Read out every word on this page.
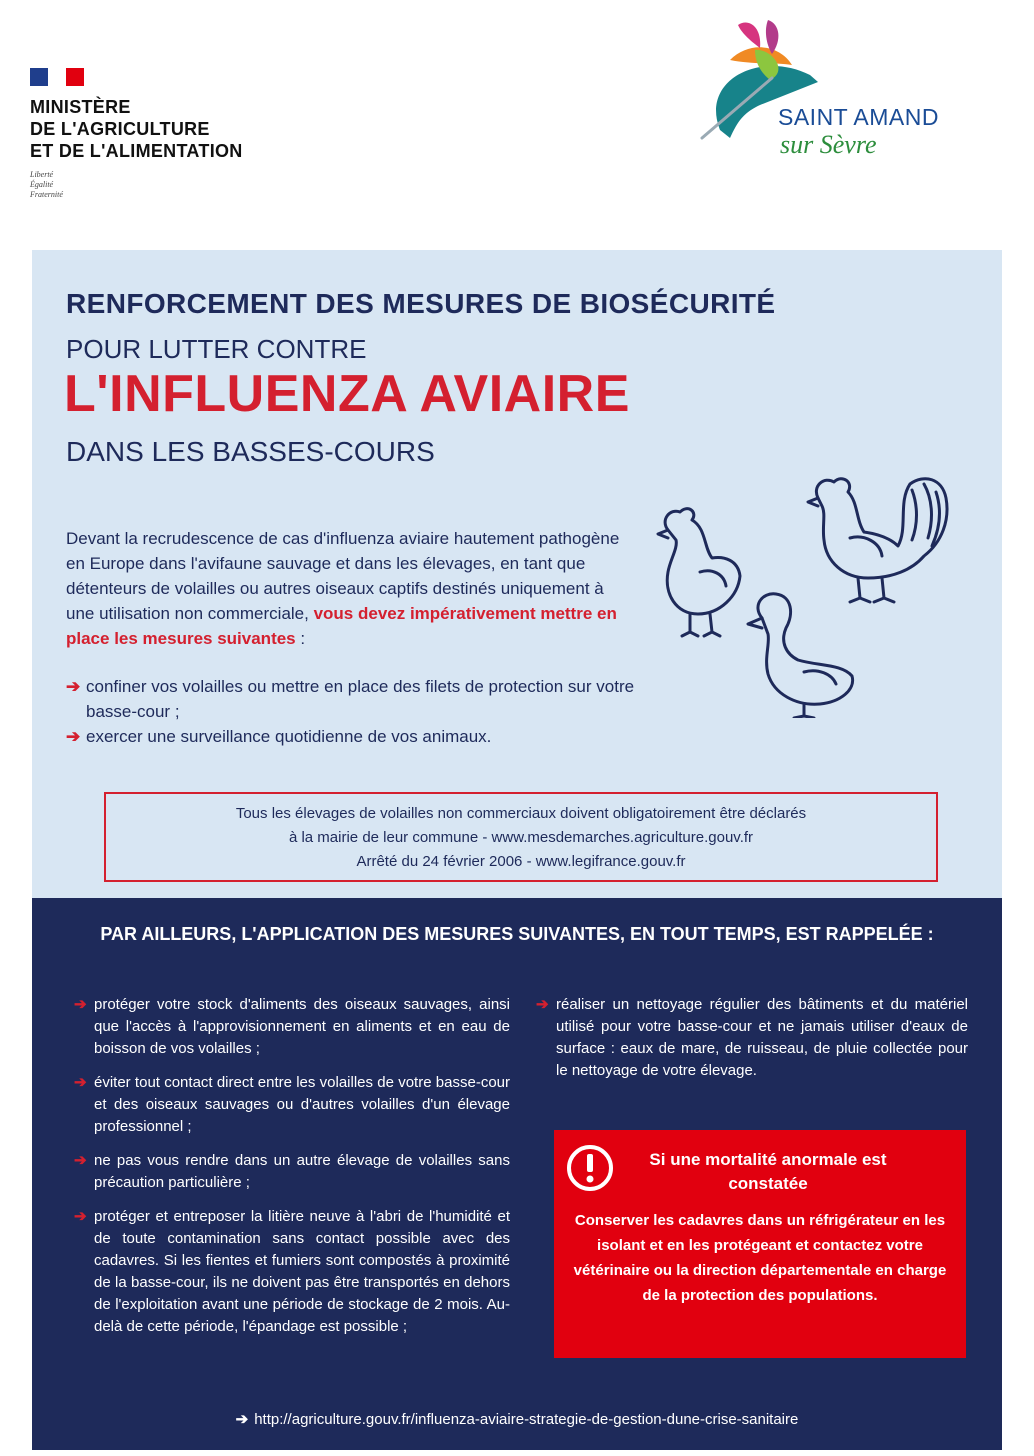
MINISTÈRE
DE L'AGRICULTURE
ET DE L'ALIMENTATION
Liberté
Égalité
Fraternité
SAINT AMAND
sur Sèvre
RENFORCEMENT DES MESURES DE BIOSÉCURITÉ
POUR LUTTER CONTRE
L'INFLUENZA AVIAIRE
DANS LES BASSES-COURS
Devant la recrudescence de cas d'influenza aviaire hautement pathogène en Europe dans l'avifaune sauvage et dans les élevages, en tant que détenteurs de volailles ou autres oiseaux captifs destinés uniquement à une utilisation non commerciale, vous devez impérativement mettre en place les mesures suivantes :
➔ confiner vos volailles ou mettre en place des filets de protection sur votre basse-cour ;
➔ exercer une surveillance quotidienne de vos animaux.
Tous les élevages de volailles non commerciaux doivent obligatoirement être déclarés
à la mairie de leur commune - www.mesdemarches.agriculture.gouv.fr
Arrêté du 24 février 2006 - www.legifrance.gouv.fr
PAR AILLEURS, L'APPLICATION DES MESURES SUIVANTES, EN TOUT TEMPS, EST RAPPELÉE :
➔ protéger votre stock d'aliments des oiseaux sauvages, ainsi que l'accès à l'approvisionnement en aliments et en eau de boisson de vos volailles ;
➔ éviter tout contact direct entre les volailles de votre basse-cour et des oiseaux sauvages ou d'autres volailles d'un élevage professionnel ;
➔ ne pas vous rendre dans un autre élevage de volailles sans précaution particulière ;
➔ protéger et entreposer la litière neuve à l'abri de l'humidité et de toute contamination sans contact possible avec des cadavres. Si les fientes et fumiers sont compostés à proximité de la basse-cour, ils ne doivent pas être transportés en dehors de l'exploitation avant une période de stockage de 2 mois. Au-delà de cette période, l'épandage est possible ;
➔ réaliser un nettoyage régulier des bâtiments et du matériel utilisé pour votre basse-cour et ne jamais utiliser d'eaux de surface : eaux de mare, de ruisseau, de pluie collectée pour le nettoyage de votre élevage.
Si une mortalité anormale est constatée
Conserver les cadavres dans un réfrigérateur en les isolant et en les protégeant et contactez votre vétérinaire ou la direction départementale en charge de la protection des populations.
➔ http://agriculture.gouv.fr/influenza-aviaire-strategie-de-gestion-dune-crise-sanitaire
